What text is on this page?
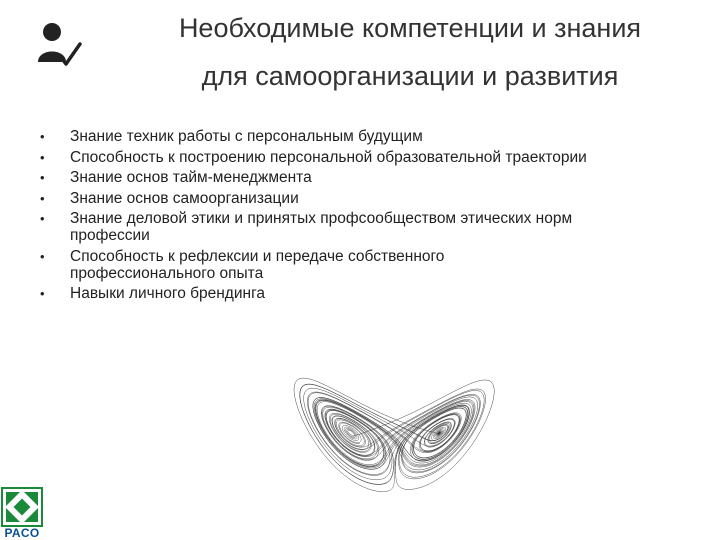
Необходимые компетенции и знания
для самоорганизации и развития
•	Знание техник работы с персональным будущим
•	Способность к построению персональной образовательной траектории
•	Знание основ тайм-менеджмента
•	Знание основ самоорганизации
•	Знание деловой этики и принятых профсообществом этических норм профессии
•	Способность к рефлексии и передаче собственного профессионального опыта
•	Навыки личного брендинга
PACO
